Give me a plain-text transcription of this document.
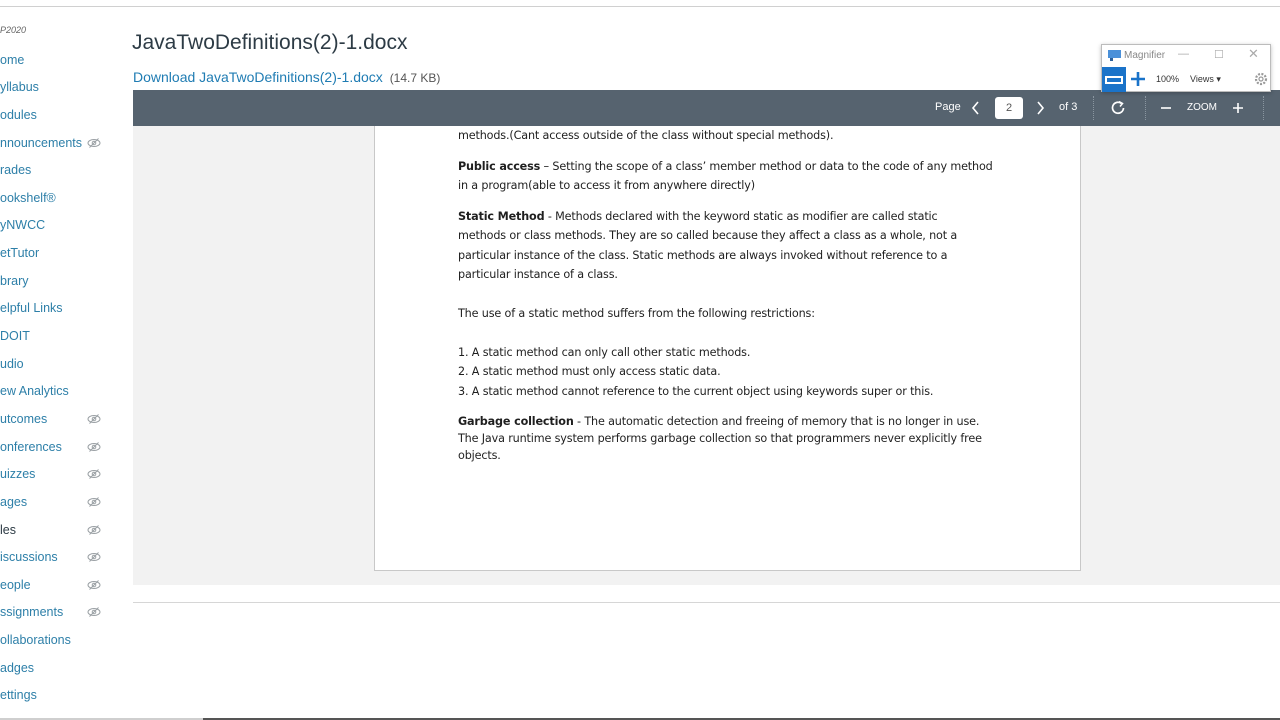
P2020
ome
yllabus
odules
nnouncements
rades
ookshelf®
yNWCC
etTutor
brary
elpful Links
DOIT
udio
ew Analytics
utcomes
onferences
uizzes
ages
les
iscussions
eople
ssignments
ollaborations
adges
ettings
JavaTwoDefinitions(2)-1.docx
Download JavaTwoDefinitions(2)-1.docx (14.7 KB)
Page
2	of 3	ZOOM
methods.(Cant access outside of the class without special methods).
Public access – Setting the scope of a class’ member method or data to the code of any method
in a program(able to access it from anywhere directly)
Static Method - Methods declared with the keyword static as modifier are called static
methods or class methods. They are so called because they affect a class as a whole, not a
particular instance of the class. Static methods are always invoked without reference to a
particular instance of a class.
The use of a static method suffers from the following restrictions:
1. A static method can only call other static methods.
2. A static method must only access static data.
3. A static method cannot reference to the current object using keywords super or this.
Garbage collection - The automatic detection and freeing of memory that is no longer in use.
The Java runtime system performs garbage collection so that programmers never explicitly free
objects.
Magnifier — ☐ ✕
100% Views ▾
